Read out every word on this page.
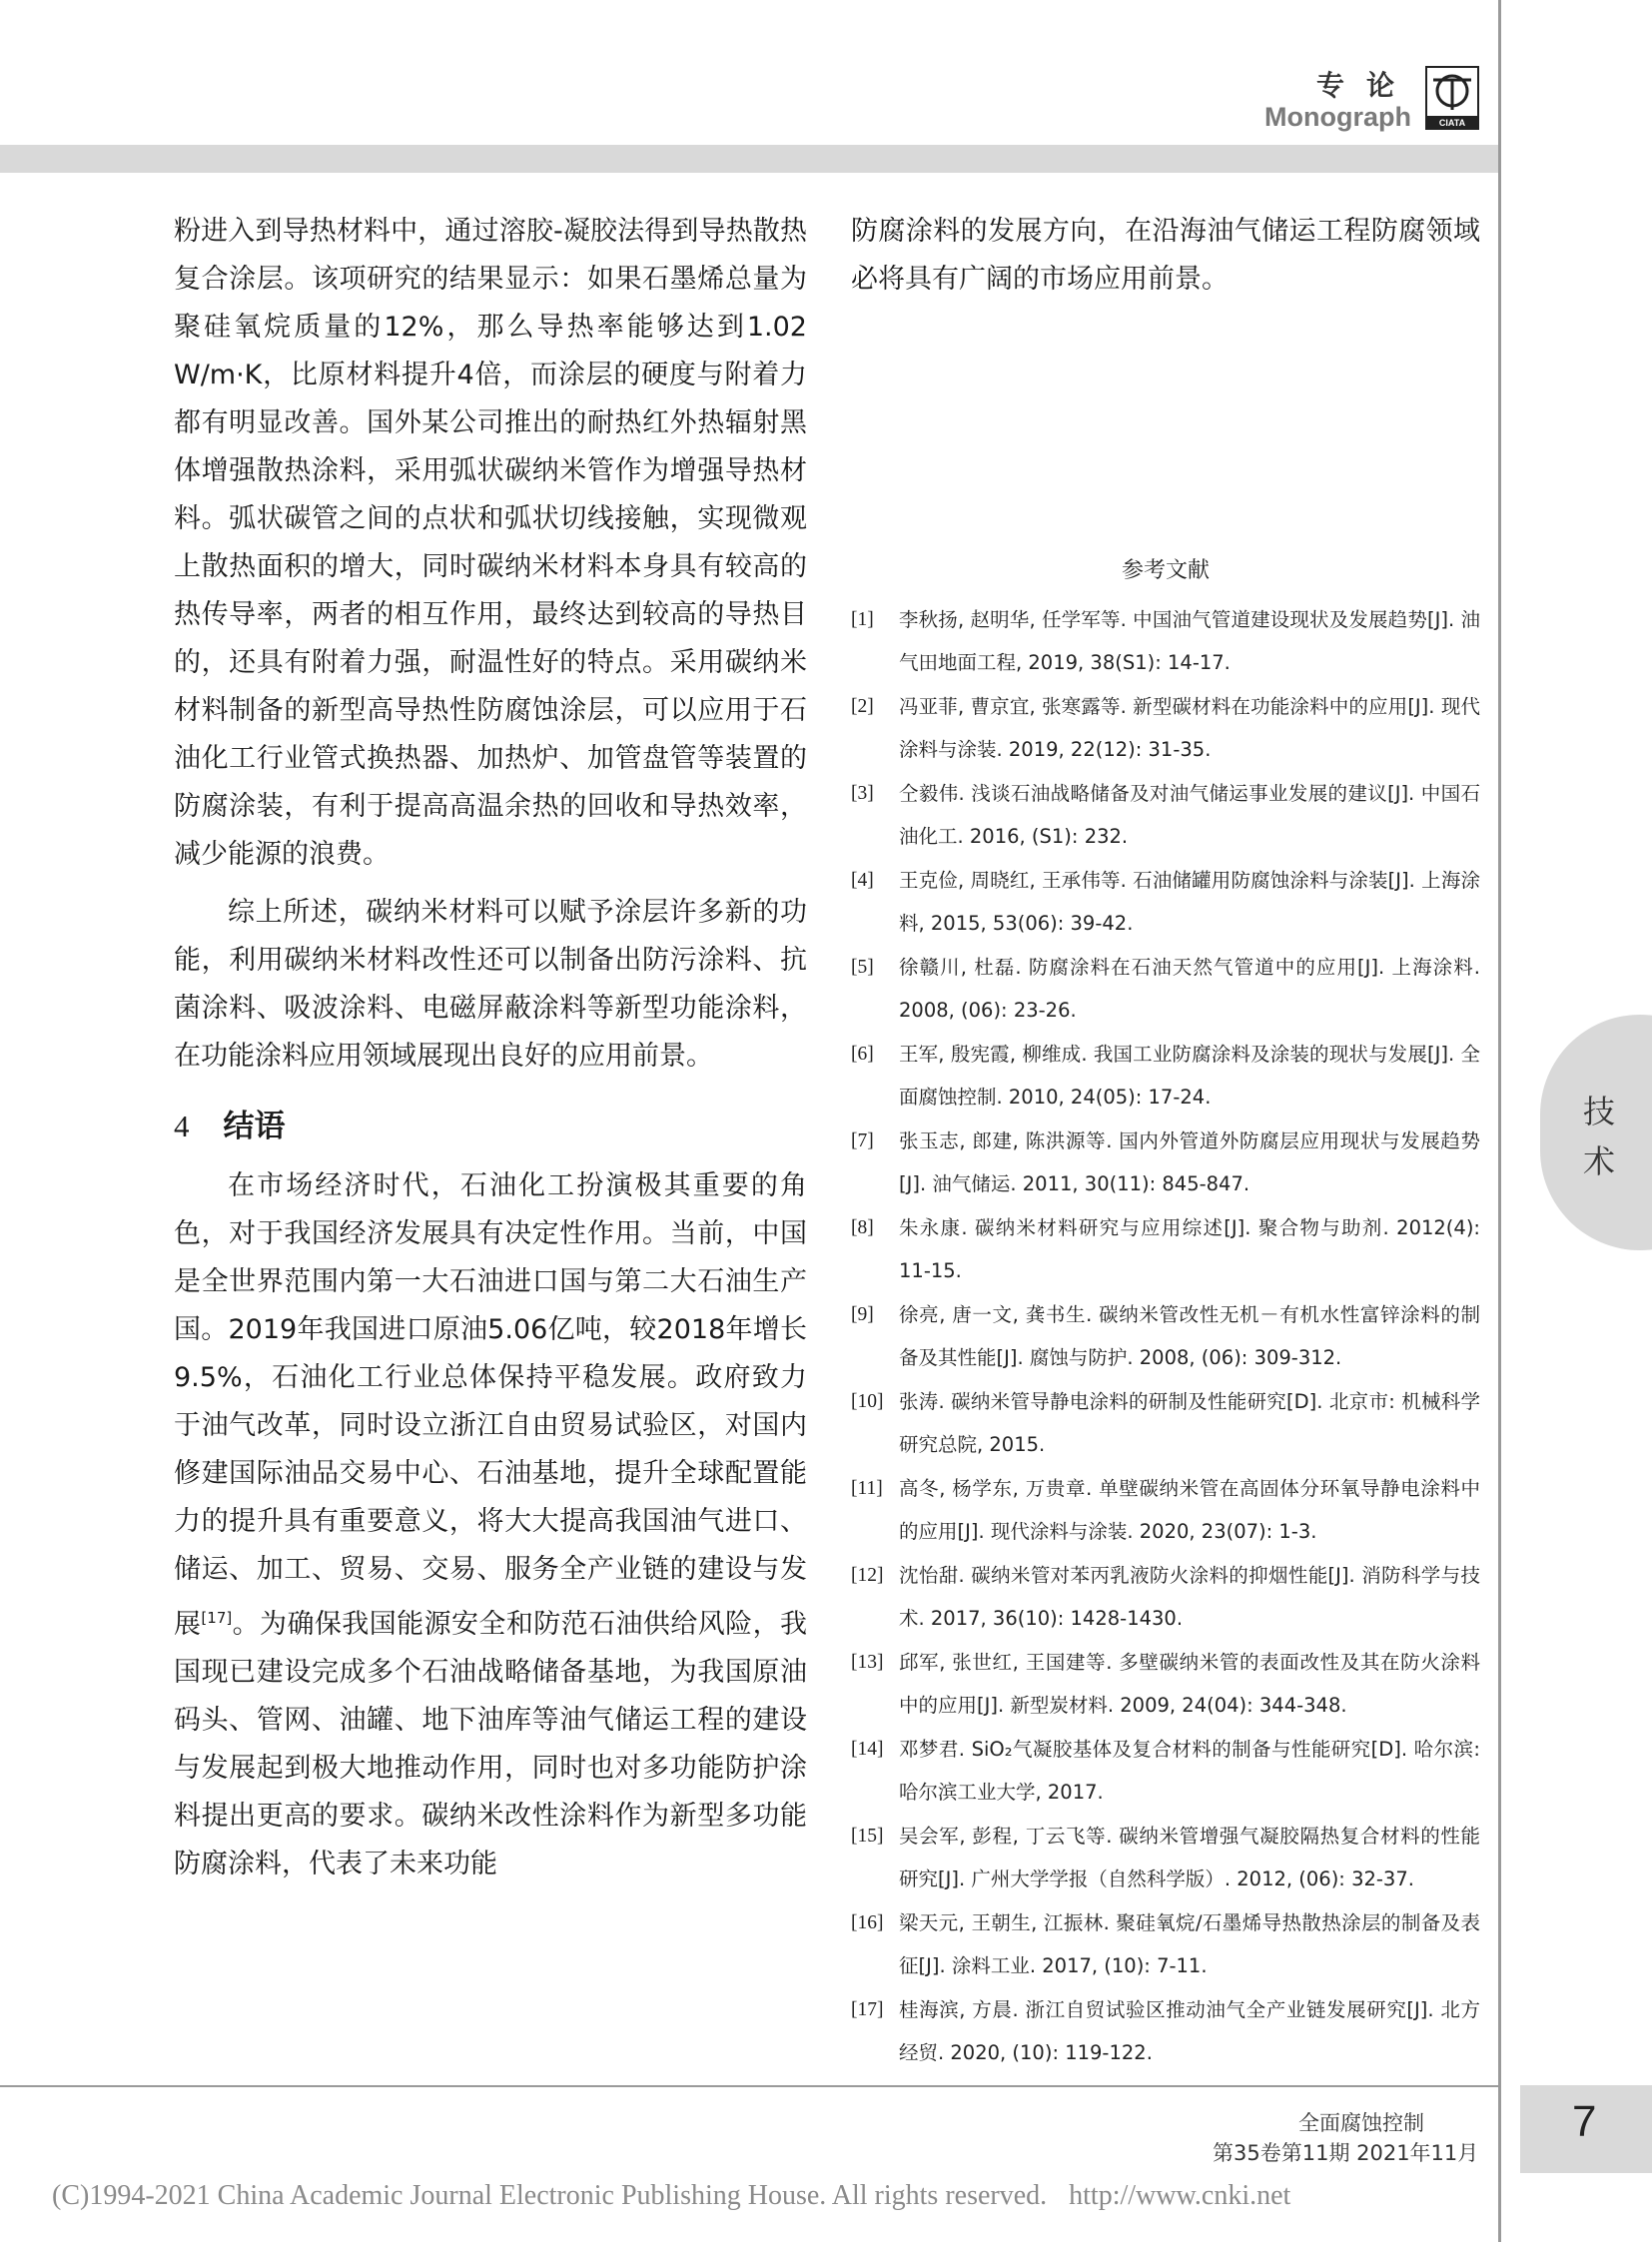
专论
Monograph	CIATA

粉进入到导热材料中，通过溶胶-凝胶法得到导热散热复合涂层。该项研究的结果显示：如果石墨烯总量为聚硅氧烷质量的12%，那么导热率能够达到1.02 W/m·K，比原材料提升4倍，而涂层的硬度与附着力都有明显改善。国外某公司推出的耐热红外热辐射黑体增强散热涂料，采用弧状碳纳米管作为增强导热材料。弧状碳管之间的点状和弧状切线接触，实现微观上散热面积的增大，同时碳纳米材料本身具有较高的热传导率，两者的相互作用，最终达到较高的导热目的，还具有附着力强，耐温性好的特点。采用碳纳米材料制备的新型高导热性防腐蚀涂层，可以应用于石油化工行业管式换热器、加热炉、加管盘管等装置的防腐涂装，有利于提高高温余热的回收和导热效率，减少能源的浪费。

综上所述，碳纳米材料可以赋予涂层许多新的功能，利用碳纳米材料改性还可以制备出防污涂料、抗菌涂料、吸波涂料、电磁屏蔽涂料等新型功能涂料，在功能涂料应用领域展现出良好的应用前景。

4 结语

在市场经济时代，石油化工扮演极其重要的角色，对于我国经济发展具有决定性作用。当前，中国是全世界范围内第一大石油进口国与第二大石油生产国。2019年我国进口原油5.06亿吨，较2018年增长9.5%，石油化工行业总体保持平稳发展。政府致力于油气改革，同时设立浙江自由贸易试验区，对国内修建国际油品交易中心、石油基地，提升全球配置能力的提升具有重要意义，将大大提高我国油气进口、储运、加工、贸易、交易、服务全产业链的建设与发展[17]。为确保我国能源安全和防范石油供给风险，我国现已建设完成多个石油战略储备基地，为我国原油码头、管网、油罐、地下油库等油气储运工程的建设与发展起到极大地推动作用，同时也对多功能防护涂料提出更高的要求。碳纳米改性涂料作为新型多功能防腐涂料，代表了未来功能

防腐涂料的发展方向，在沿海油气储运工程防腐领域必将具有广阔的市场应用前景。

参考文献
[1] 李秋扬, 赵明华, 任学军等. 中国油气管道建设现状及发展趋势[J]. 油气田地面工程, 2019, 38(S1): 14-17.
[2] 冯亚菲, 曹京宜, 张寒露等. 新型碳材料在功能涂料中的应用[J]. 现代涂料与涂装. 2019, 22(12): 31-35.
[3] 仝毅伟. 浅谈石油战略储备及对油气储运事业发展的建议[J]. 中国石油化工. 2016, (S1): 232.
[4] 王克俭, 周晓红, 王承伟等. 石油储罐用防腐蚀涂料与涂装[J]. 上海涂料, 2015, 53(06): 39-42.
[5] 徐赣川, 杜磊. 防腐涂料在石油天然气管道中的应用[J]. 上海涂料. 2008, (06): 23-26.
[6] 王军, 殷宪霞, 柳维成. 我国工业防腐涂料及涂装的现状与发展[J]. 全面腐蚀控制. 2010, 24(05): 17-24.
[7] 张玉志, 郎建, 陈洪源等. 国内外管道外防腐层应用现状与发展趋势[J]. 油气储运. 2011, 30(11): 845-847.
[8] 朱永康. 碳纳米材料研究与应用综述[J]. 聚合物与助剂. 2012(4): 11-15.
[9] 徐亮, 唐一文, 龚书生. 碳纳米管改性无机－有机水性富锌涂料的制备及其性能[J]. 腐蚀与防护. 2008, (06): 309-312.
[10] 张涛. 碳纳米管导静电涂料的研制及性能研究[D]. 北京市: 机械科学研究总院, 2015.
[11] 高冬, 杨学东, 万贵章. 单壁碳纳米管在高固体分环氧导静电涂料中的应用[J]. 现代涂料与涂装. 2020, 23(07): 1-3.
[12] 沈怡甜. 碳纳米管对苯丙乳液防火涂料的抑烟性能[J]. 消防科学与技术. 2017, 36(10): 1428-1430.
[13] 邱军, 张世红, 王国建等. 多壁碳纳米管的表面改性及其在防火涂料中的应用[J]. 新型炭材料. 2009, 24(04): 344-348.
[14] 邓梦君. SiO₂气凝胶基体及复合材料的制备与性能研究[D]. 哈尔滨: 哈尔滨工业大学, 2017.
[15] 吴会军, 彭程, 丁云飞等. 碳纳米管增强气凝胶隔热复合材料的性能研究[J]. 广州大学学报（自然科学版）. 2012, (06): 32-37.
[16] 梁天元, 王朝生, 江振林. 聚硅氧烷/石墨烯导热散热涂层的制备及表征[J]. 涂料工业. 2017, (10): 7-11.
[17] 桂海滨, 方晨. 浙江自贸试验区推动油气全产业链发展研究[J]. 北方经贸. 2020, (10): 119-122.
技
术
全面腐蚀控制
第35卷第11期 2021年11月
7
(C)1994-2021 China Academic Journal Electronic Publishing House. All rights reserved. http://www.cnki.net
